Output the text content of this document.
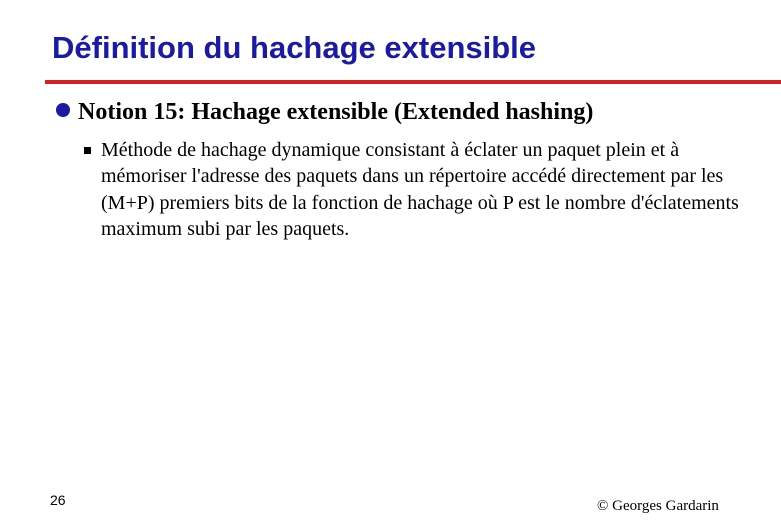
Définition du hachage extensible
Notion 15: Hachage extensible (Extended hashing)
Méthode de hachage dynamique consistant à éclater un paquet plein et à mémoriser l'adresse des paquets dans un répertoire accédé directement par les (M+P) premiers bits de la fonction de hachage où P est le nombre d'éclatements maximum subi par les paquets.
26	© Georges Gardarin
